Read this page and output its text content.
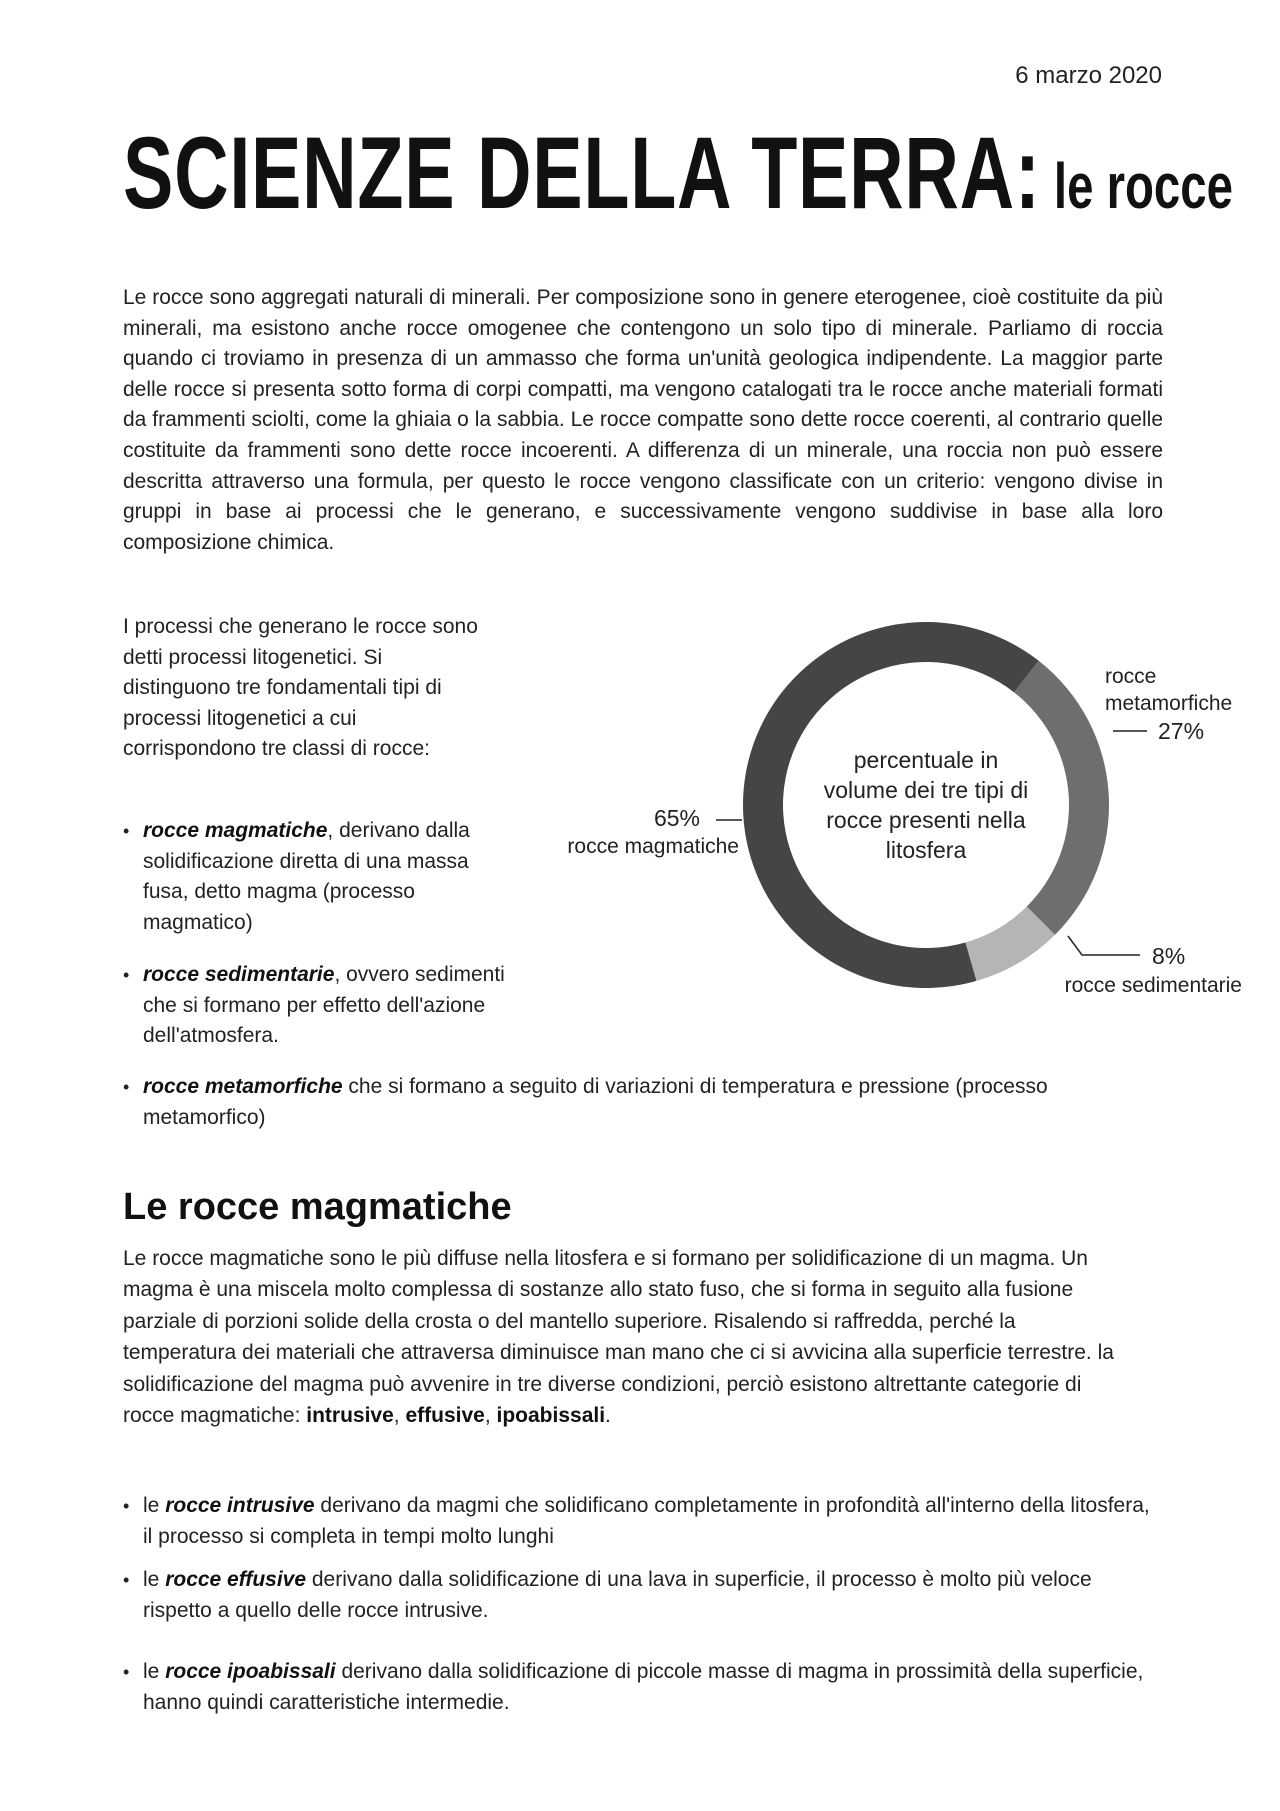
6 marzo 2020
SCIENZE DELLA TERRA: le rocce

Le rocce sono aggregati naturali di minerali. Per composizione sono in genere eterogenee, cioè costituite da più minerali, ma esistono anche rocce omogenee che contengono un solo tipo di minerale. Parliamo di roccia quando ci troviamo in presenza di un ammasso che forma un'unità geologica indipendente. La maggior parte delle rocce si presenta sotto forma di corpi compatti, ma vengono catalogati tra le rocce anche materiali formati da frammenti sciolti, come la ghiaia o la sabbia. Le rocce compatte sono dette rocce coerenti, al contrario quelle costituite da frammenti sono dette rocce incoerenti. A differenza di un minerale, una roccia non può essere descritta attraverso una formula, per questo le rocce vengono classificate con un criterio: vengono divise in gruppi in base ai processi che le generano, e successivamente vengono suddivise in base alla loro composizione chimica.

I processi che generano le rocce sono detti processi litogenetici. Si distinguono tre fondamentali tipi di processi litogenetici a cui corrispondono tre classi di rocce:

• rocce magmatiche, derivano dalla solidificazione diretta di una massa fusa, detto magma (processo magmatico)
• rocce sedimentarie, ovvero sedimenti che si formano per effetto dell'azione dell'atmosfera.
• rocce metamorfiche che si formano a seguito di variazioni di temperatura e pressione (processo metamorfico)
percentuale in
volume dei tre tipi di
rocce presenti nella
litosfera
rocce
metamorfiche
27%
8%
rocce sedimentarie
65%
rocce magmatiche
Le rocce magmatiche

Le rocce magmatiche sono le più diffuse nella litosfera e si formano per solidificazione di un magma. Un magma è una miscela molto complessa di sostanze allo stato fuso, che si forma in seguito alla fusione parziale di porzioni solide della crosta o del mantello superiore. Risalendo si raffredda, perché la temperatura dei materiali che attraversa diminuisce man mano che ci si avvicina alla superficie terrestre. la solidificazione del magma può avvenire in tre diverse condizioni, perciò esistono altrettante categorie di rocce magmatiche: intrusive, effusive, ipoabissali.

• le rocce intrusive derivano da magmi che solidificano completamente in profondità all'interno della litosfera, il processo si completa in tempi molto lunghi
• le rocce effusive derivano dalla solidificazione di una lava in superficie, il processo è molto più veloce rispetto a quello delle rocce intrusive.
• le rocce ipoabissali derivano dalla solidificazione di piccole masse di magma in prossimità della superficie, hanno quindi caratteristiche intermedie.
